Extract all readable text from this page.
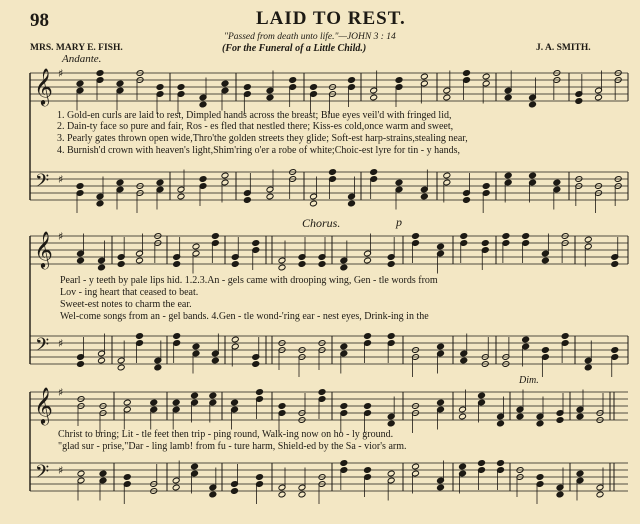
98	LAID TO REST.
"Passed from death unto life."—JOHN 3 : 14
MRS. MARY E. FISH.	(For the Funeral of a Little Child.)	J. A. SMITH.
Andante.
Chorus.	p
Dim.
𝄞
𝄢
♯
♯
𝄞
𝄢
♯
♯
𝄞
𝄢
♯
♯
1. Gold-en curls are laid to rest, Dimpled hands across the breast; Blue eyes veil'd with fringed lid,
2. Dain-ty face so pure and fair, Ros - es fled that nestled there; Kiss-es cold,once warm and sweet,
3. Pearly gates thrown open wide,Thro'the golden streets they glide; Soft-est harp-strains,stealing near,
4. Burnish'd crown with heaven's light,Shim'ring o'er a robe of white;Choic-est lyre for tin - y hands,
Pearl - y teeth by pale lips hid. 1.2.3.An - gels came with drooping wing, Gen - tle words from
Lov - ing heart that ceased to beat.
Sweet-est notes to charm the ear.
Wel-come songs from an - gel bands. 4.Gen - tle wond-'ring ear - nest eyes, Drink-ing in the
Christ to bring; Lit - tle feet then trip - ping round, Walk-ing now on ho - ly ground.
"glad sur - prise,"Dar - ling lamb! from fu - ture harm, Shield-ed by the Sa - vior's arm.
